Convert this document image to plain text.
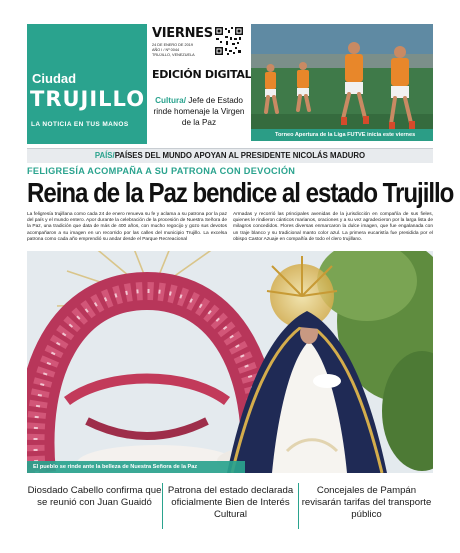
Ciudad
TRUJILLO
LA NOTICIA EN TUS MANOS
VIERNES
24 DE ENERO DE 2019
AÑO I / Nº 0044
TRUJILLO, VENEZUELA
EDICIÓN DIGITAL
Cultura/ Jefe de Estado rinde homenaje la Virgen de la Paz
Torneo Apertura de la Liga FUTVE inicia este viernes
PAÍS/PAÍSES DEL MUNDO APOYAN AL PRESIDENTE NICOLÁS MADURO
FELIGRESÍA ACOMPAÑA A SU PATRONA CON DEVOCIÓN
Reina de la Paz bendice al estado Trujillo
La feligresía trujillana como cada 24 de enero renueva su fe y aclama a su patrona por la paz del país y el mundo entero. Apor durante la celebración de la procesión de Nuestra Señora de la Paz, una tradición que data de más de 400 años, con mucho regocijo y gozo sus devotos acompañaron a su imagen en un recorrido por las calles del municipio Trujillo. La excelsa patrona como cada año emprendió su andar desde el Parque Recreacional
Armadas y recorrió las principales avenidas de la jurisdicción en compañía de sus fieles, quienes le rindieron cánticos marianos, oraciones y a su vez agradecieron por la larga lista de milagros concedidos. Flores diversas enmarcaron la dulce imagen, que fue engalanada con un traje blanco y su tradicional manto color azul. La primera eucaristía fue presidida por el obispo Castor Azuaje en compañía de todo el clero trujillano.
El pueblo se rinde ante la belleza de Nuestra Señora de la Paz
Diosdado Cabello confirma que se reunió con Juan Guaidó
Patrona del estado declarada oficialmente Bien de Interés Cultural
Concejales de Pampán revisarán tarifas del transporte público
